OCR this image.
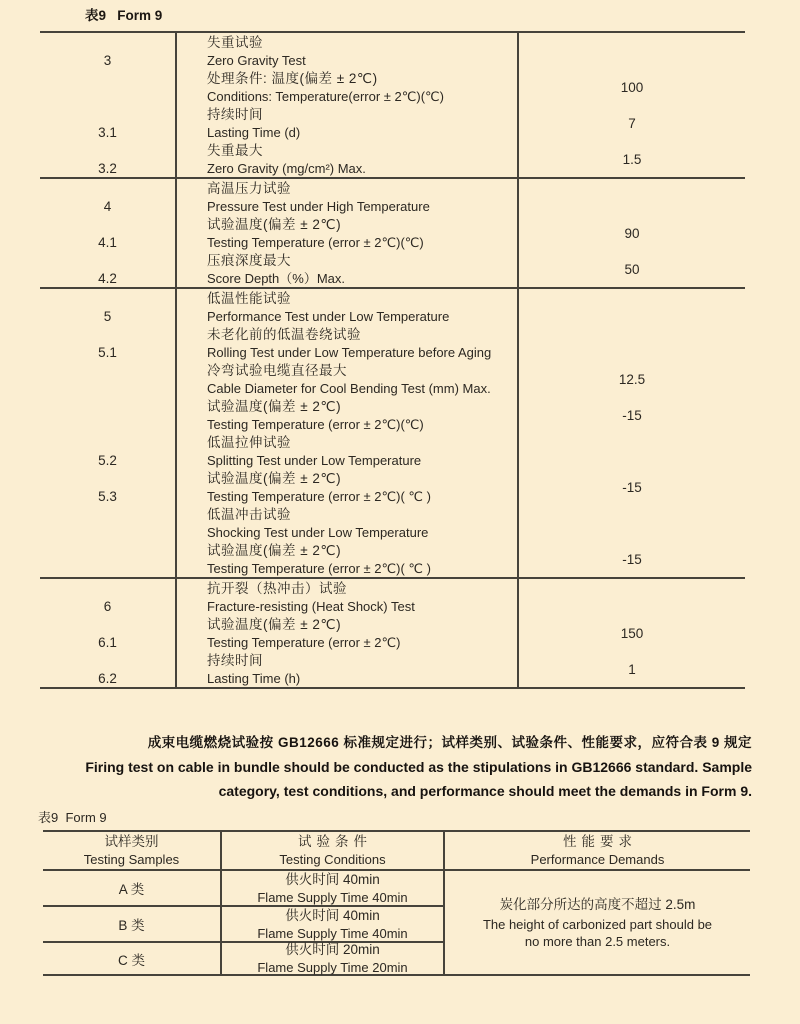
表9   Form 9
3
失重试验
Zero Gravity Test
处理条件: 温度(偏差 ± 2℃)
Conditions: Temperature(error ± 2℃)(℃)
100
3.1
持续时间
Lasting Time (d)
7
3.2
失重最大
Zero Gravity (mg/cm²) Max.
1.5
4
高温压力试验
Pressure Test under High Temperature
4.1
试验温度(偏差 ± 2℃)
Testing Temperature (error ± 2℃)(℃)
90
4.2
压痕深度最大
Score Depth（%）Max.
50
5
低温性能试验
Performance Test under Low Temperature
5.1
未老化前的低温卷绕试验
Rolling Test under Low Temperature before Aging
冷弯试验电缆直径最大
Cable Diameter for Cool Bending Test (mm) Max.
12.5
试验温度(偏差 ± 2℃)
Testing Temperature (error ± 2℃)(℃)
-15
5.2
低温拉伸试验
Splitting Test under Low Temperature
5.3
试验温度(偏差 ± 2℃)
Testing Temperature (error ± 2℃)( ℃ )
-15
低温冲击试验
Shocking Test under Low Temperature
试验温度(偏差 ± 2℃)
Testing Temperature (error ± 2℃)( ℃ )
-15
6
抗开裂（热冲击）试验
Fracture-resisting (Heat Shock) Test
6.1
试验温度(偏差 ± 2℃)
Testing Temperature (error ± 2℃)
150
6.2
持续时间
Lasting Time (h)
1
成束电缆燃烧试验按 GB12666 标准规定进行；试样类别、试验条件、性能要求，应符合表 9 规定
Firing test on cable in bundle should be conducted as the stipulations in GB12666 standard. Sample
category, test conditions, and performance should meet the demands in Form 9.
表9  Form 9
试样类别
Testing Samples
试验条件
Testing Conditions
性能要求
Performance Demands
A 类
供火时间 40min
Flame Supply Time 40min
B 类
供火时间 40min
Flame Supply Time 40min
C 类
供火时间 20min
Flame Supply Time 20min
炭化部分所达的高度不超过 2.5m
The height of carbonized part should be
no more than 2.5 meters.
